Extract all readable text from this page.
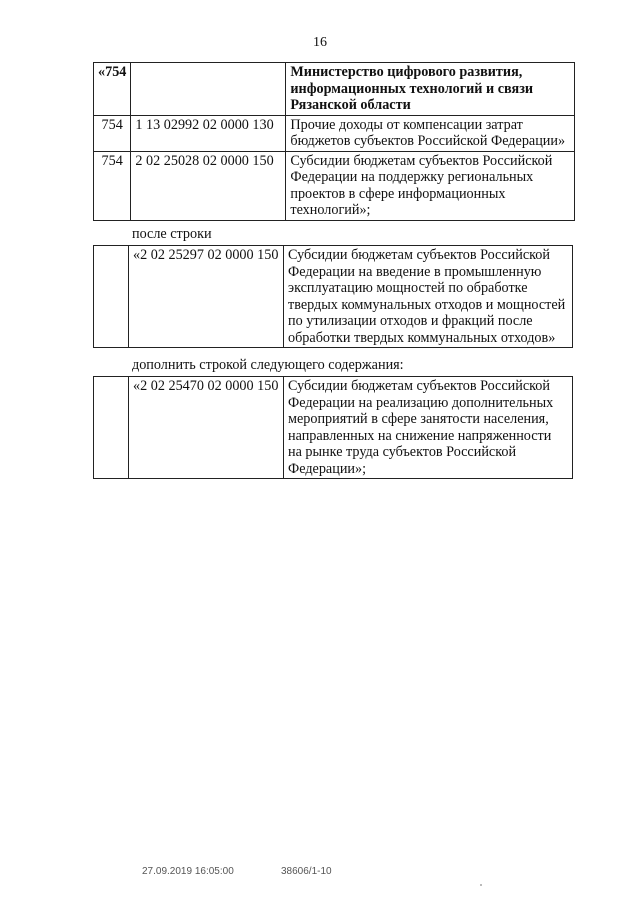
16
«754		Министерство цифрового развития, информационных технологий и связи Рязанской области
754	1 13 02992 02 0000 130	Прочие доходы от компенсации затрат бюджетов субъектов Российской Федерации»
754	2 02 25028 02 0000 150	Субсидии бюджетам субъектов Российской Федерации на поддержку региональных проектов в сфере информационных технологий»;
после строки
	«2 02 25297 02 0000 150	Субсидии бюджетам субъектов Российской Федерации на введение в промышленную эксплуатацию мощностей по обработке твердых коммунальных отходов и мощностей по утилизации отходов и фракций после обработки твердых коммунальных отходов»
дополнить строкой следующего содержания:
	«2 02 25470 02 0000 150	Субсидии бюджетам субъектов Российской Федерации на реализацию дополнительных мероприятий в сфере занятости населения, направленных на снижение напряженности на рынке труда субъектов Российской Федерации»;
27.09.2019 16:05:00	38606/1-10
